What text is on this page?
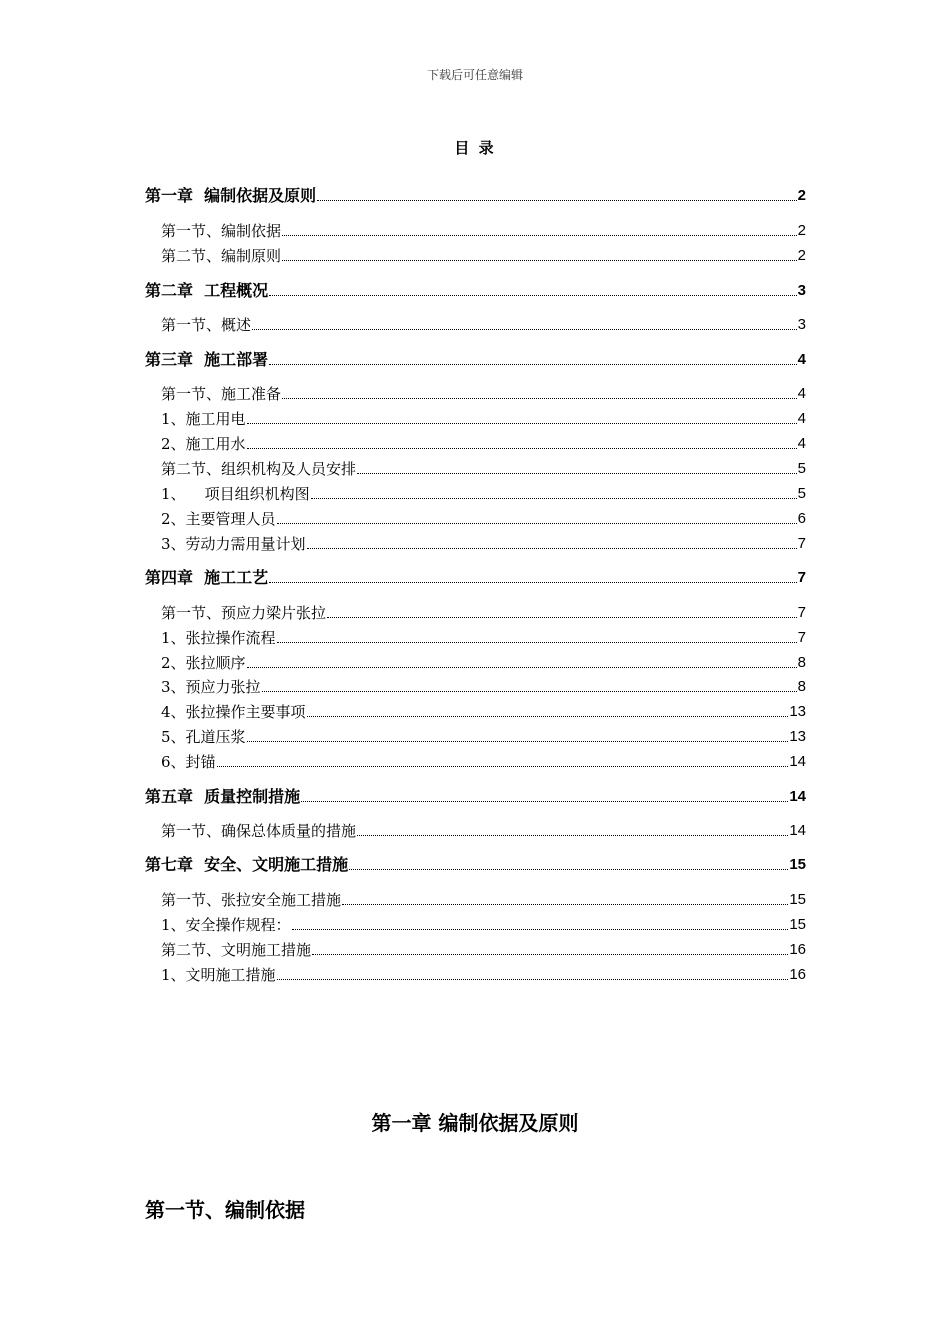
下载后可任意编辑
目 录
第一章  编制依据及原则	2
第一节、编制依据	2
第二节、编制原则	2
第二章  工程概况	3
第一节、概述	3
第三章  施工部署	4
第一节、施工准备	4
1、施工用电	4
2、施工用水	4
第二节、组织机构及人员安排	5
1、    项目组织机构图	5
2、主要管理人员	6
3、劳动力需用量计划	7
第四章  施工工艺	7
第一节、预应力梁片张拉	7
1、张拉操作流程	7
2、张拉顺序	8
3、预应力张拉	8
4、张拉操作主要事项	13
5、孔道压浆	13
6、封锚	14
第五章  质量控制措施	14
第一节、确保总体质量的措施	14
第七章  安全、文明施工措施	15
第一节、张拉安全施工措施	15
1、安全操作规程：	15
第二节、文明施工措施	16
1、文明施工措施	16
第一章 编制依据及原则
第一节、编制依据
